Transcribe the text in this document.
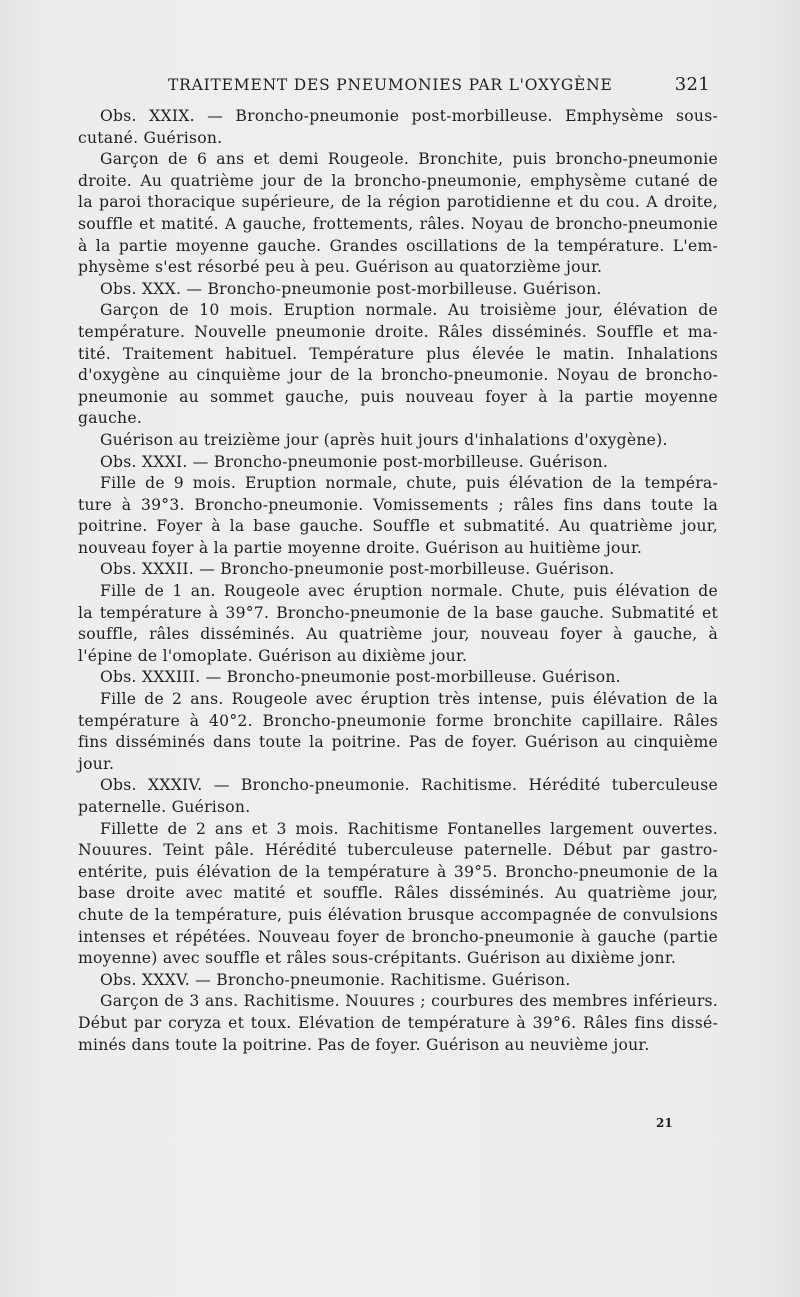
TRAITEMENT DES PNEUMONIES PAR L'OXYGÈNE	321
Obs. XXIX. — Broncho-pneumonie post-morbilleuse. Emphysème sous-
cutané. Guérison.
Garçon de 6 ans et demi Rougeole. Bronchite, puis broncho-pneumonie
droite. Au quatrième jour de la broncho-pneumonie, emphysème cutané de
la paroi thoracique supérieure, de la région parotidienne et du cou. A droite,
souffle et matité. A gauche, frottements, râles. Noyau de broncho-pneumonie
à la partie moyenne gauche. Grandes oscillations de la température. L'em-
physème s'est résorbé peu à peu. Guérison au quatorzième jour.
Obs. XXX. — Broncho-pneumonie post-morbilleuse. Guérison.
Garçon de 10 mois. Eruption normale. Au troisième jour, élévation de
température. Nouvelle pneumonie droite. Râles disséminés. Souffle et ma-
tité. Traitement habituel. Température plus élevée le matin. Inhalations
d'oxygène au cinquième jour de la broncho-pneumonie. Noyau de broncho-
pneumonie au sommet gauche, puis nouveau foyer à la partie moyenne
gauche.
Guérison au treizième jour (après huit jours d'inhalations d'oxygène).
Obs. XXXI. — Broncho-pneumonie post-morbilleuse. Guérison.
Fille de 9 mois. Eruption normale, chute, puis élévation de la tempéra-
ture à 39°3. Broncho-pneumonie. Vomissements ; râles fins dans toute la
poitrine. Foyer à la base gauche. Souffle et submatité. Au quatrième jour,
nouveau foyer à la partie moyenne droite. Guérison au huitième jour.
Obs. XXXII. — Broncho-pneumonie post-morbilleuse. Guérison.
Fille de 1 an. Rougeole avec éruption normale. Chute, puis élévation de
la température à 39°7. Broncho-pneumonie de la base gauche. Submatité et
souffle, râles disséminés. Au quatrième jour, nouveau foyer à gauche, à
l'épine de l'omoplate. Guérison au dixième jour.
Obs. XXXIII. — Broncho-pneumonie post-morbilleuse. Guérison.
Fille de 2 ans. Rougeole avec éruption très intense, puis élévation de la
température à 40°2. Broncho-pneumonie forme bronchite capillaire. Râles
fins disséminés dans toute la poitrine. Pas de foyer. Guérison au cinquième
jour.
Obs. XXXIV. — Broncho-pneumonie. Rachitisme. Hérédité tuberculeuse
paternelle. Guérison.
Fillette de 2 ans et 3 mois. Rachitisme Fontanelles largement ouvertes.
Nouures. Teint pâle. Hérédité tuberculeuse paternelle. Début par gastro-
entérite, puis élévation de la température à 39°5. Broncho-pneumonie de la
base droite avec matité et souffle. Râles disséminés. Au quatrième jour,
chute de la température, puis élévation brusque accompagnée de convulsions
intenses et répétées. Nouveau foyer de broncho-pneumonie à gauche (partie
moyenne) avec souffle et râles sous-crépitants. Guérison au dixième jonr.
Obs. XXXV. — Broncho-pneumonie. Rachitisme. Guérison.
Garçon de 3 ans. Rachitisme. Nouures ; courbures des membres inférieurs.
Début par coryza et toux. Elévation de température à 39°6. Râles fins dissé-
minés dans toute la poitrine. Pas de foyer. Guérison au neuvième jour.
21
